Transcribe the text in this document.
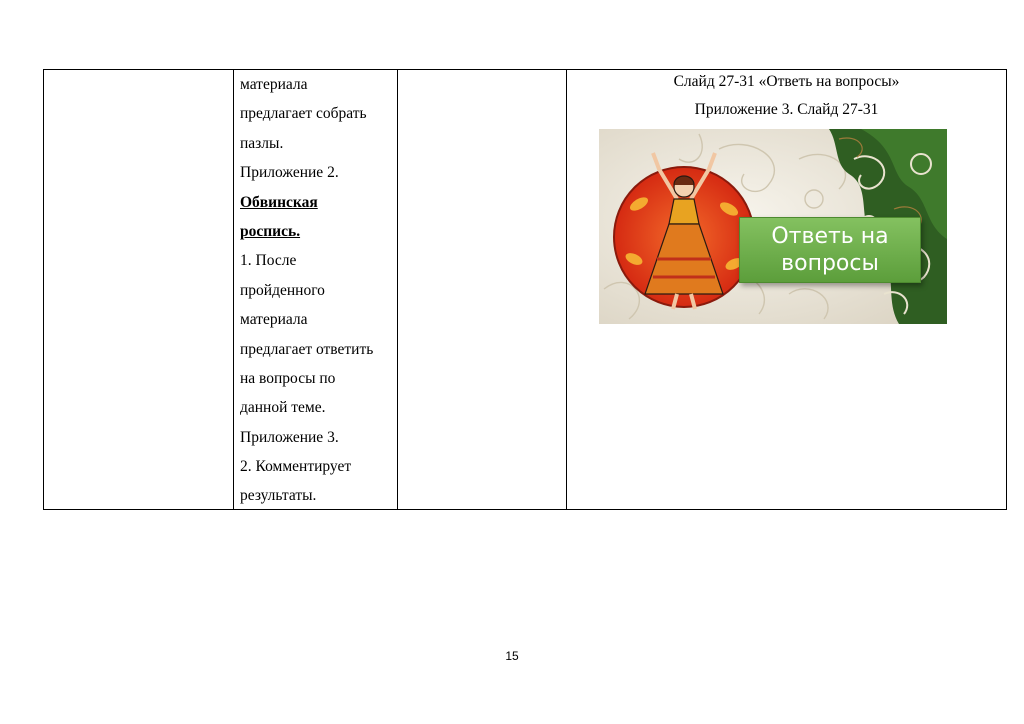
материала
предлагает собрать
пазлы.
Приложение 2.
Обвинская
роспись.
1. После
пройденного
материала
предлагает ответить
на вопросы по
данной теме.
Приложение 3.
2. Комментирует
результаты.
Слайд 27-31 «Ответь на вопросы»
Приложение 3. Слайд 27-31
Ответь на
вопросы
15
